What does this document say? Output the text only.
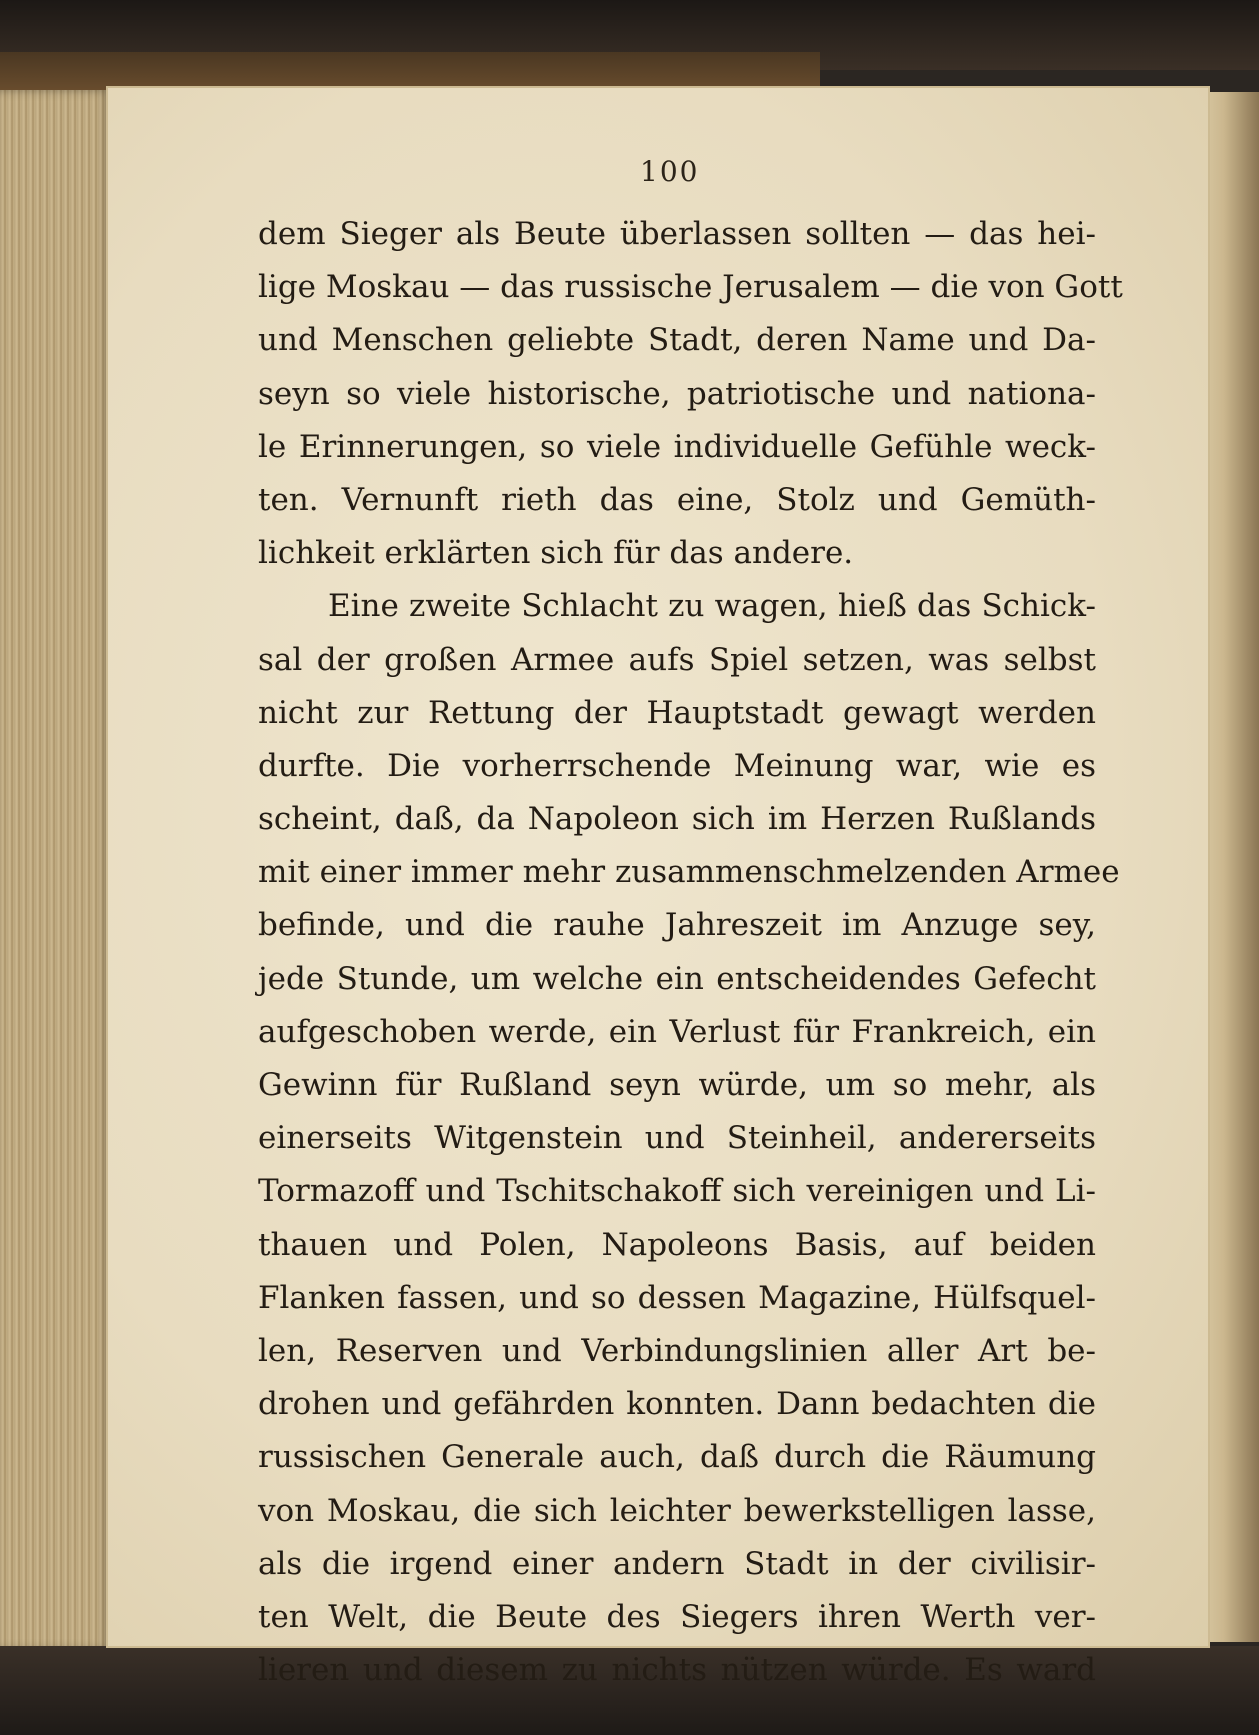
100
dem Sieger als Beute überlassen sollten — das hei-
lige Moskau — das russische Jerusalem — die von Gott
und Menschen geliebte Stadt, deren Name und Da-
seyn so viele historische, patriotische und nationa-
le Erinnerungen, so viele individuelle Gefühle weck-
ten. Vernunft rieth das eine, Stolz und Gemüth-
lichkeit erklärten sich für das andere.
Eine zweite Schlacht zu wagen, hieß das Schick-
sal der großen Armee aufs Spiel setzen, was selbst
nicht zur Rettung der Hauptstadt gewagt werden
durfte. Die vorherrschende Meinung war, wie es
scheint, daß, da Napoleon sich im Herzen Rußlands
mit einer immer mehr zusammenschmelzenden Armee
befinde, und die rauhe Jahreszeit im Anzuge sey,
jede Stunde, um welche ein entscheidendes Gefecht
aufgeschoben werde, ein Verlust für Frankreich, ein
Gewinn für Rußland seyn würde, um so mehr, als
einerseits Witgenstein und Steinheil, andererseits
Tormazoff und Tschitschakoff sich vereinigen und Li-
thauen und Polen, Napoleons Basis, auf beiden
Flanken fassen, und so dessen Magazine, Hülfsquel-
len, Reserven und Verbindungslinien aller Art be-
drohen und gefährden konnten. Dann bedachten die
russischen Generale auch, daß durch die Räumung
von Moskau, die sich leichter bewerkstelligen lasse,
als die irgend einer andern Stadt in der civilisir-
ten Welt, die Beute des Siegers ihren Werth ver-
lieren und diesem zu nichts nützen würde. Es ward
